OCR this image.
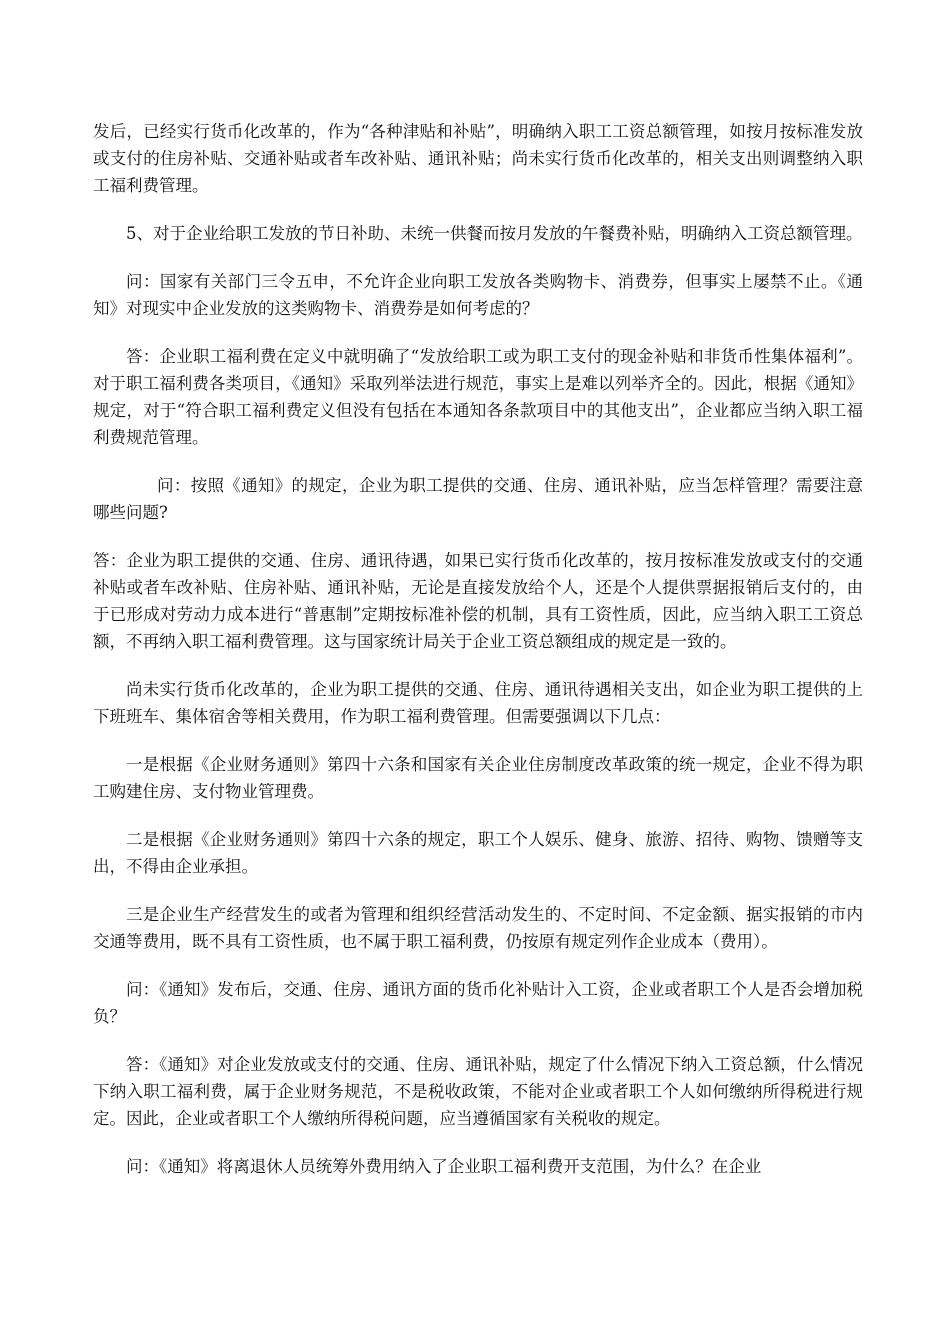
发后，已经实行货币化改革的，作为“各种津贴和补贴”，明确纳入职工工资总额管理，如按月按标准发放或支付的住房补贴、交通补贴或者车改补贴、通讯补贴；尚未实行货币化改革的，相关支出则调整纳入职工福利费管理。

5、对于企业给职工发放的节日补助、未统一供餐而按月发放的午餐费补贴，明确纳入工资总额管理。

问：国家有关部门三令五申，不允许企业向职工发放各类购物卡、消费券，但事实上屡禁不止。《通知》对现实中企业发放的这类购物卡、消费券是如何考虑的？

答：企业职工福利费在定义中就明确了“发放给职工或为职工支付的现金补贴和非货币性集体福利”。对于职工福利费各类项目，《通知》采取列举法进行规范，事实上是难以列举齐全的。因此，根据《通知》规定，对于“符合职工福利费定义但没有包括在本通知各条款项目中的其他支出”，企业都应当纳入职工福利费规范管理。

问：按照《通知》的规定，企业为职工提供的交通、住房、通讯补贴，应当怎样管理？需要注意哪些问题?

答：企业为职工提供的交通、住房、通讯待遇，如果已实行货币化改革的，按月按标准发放或支付的交通补贴或者车改补贴、住房补贴、通讯补贴，无论是直接发放给个人，还是个人提供票据报销后支付的，由于已形成对劳动力成本进行“普惠制”定期按标准补偿的机制，具有工资性质，因此，应当纳入职工工资总额，不再纳入职工福利费管理。这与国家统计局关于企业工资总额组成的规定是一致的。

尚未实行货币化改革的，企业为职工提供的交通、住房、通讯待遇相关支出，如企业为职工提供的上下班班车、集体宿舍等相关费用，作为职工福利费管理。但需要强调以下几点：

一是根据《企业财务通则》第四十六条和国家有关企业住房制度改革政策的统一规定，企业不得为职工购建住房、支付物业管理费。

二是根据《企业财务通则》第四十六条的规定，职工个人娱乐、健身、旅游、招待、购物、馈赠等支出，不得由企业承担。

三是企业生产经营发生的或者为管理和组织经营活动发生的、不定时间、不定金额、据实报销的市内交通等费用，既不具有工资性质，也不属于职工福利费，仍按原有规定列作企业成本（费用）。

问：《通知》发布后，交通、住房、通讯方面的货币化补贴计入工资，企业或者职工个人是否会增加税负？

答：《通知》对企业发放或支付的交通、住房、通讯补贴，规定了什么情况下纳入工资总额，什么情况下纳入职工福利费，属于企业财务规范，不是税收政策，不能对企业或者职工个人如何缴纳所得税进行规定。因此，企业或者职工个人缴纳所得税问题，应当遵循国家有关税收的规定。

问：《通知》将离退休人员统筹外费用纳入了企业职工福利费开支范围，为什么？在企业
